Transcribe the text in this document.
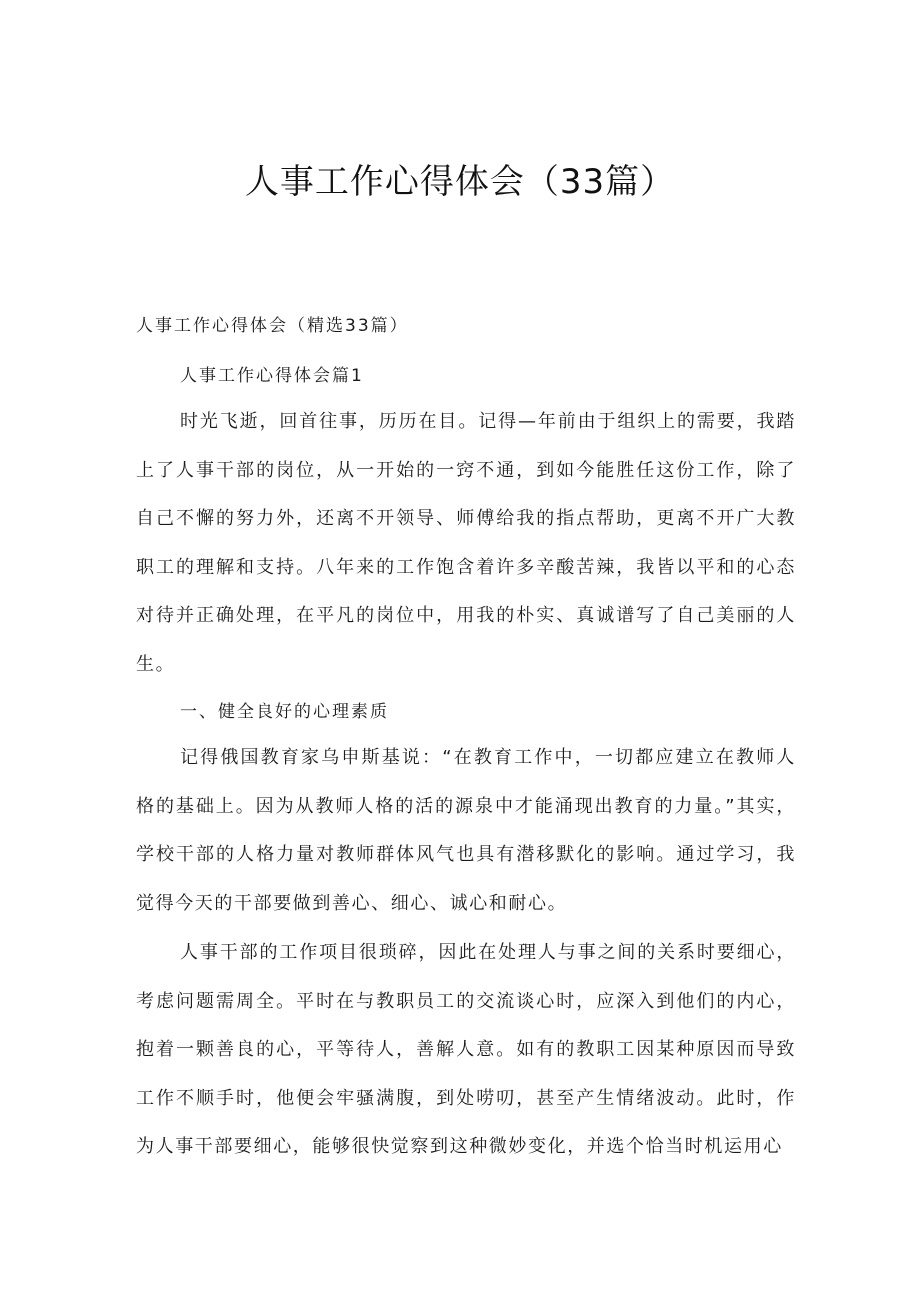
人事工作心得体会（33篇）
人事工作心得体会（精选33篇）
人事工作心得体会篇1
时光飞逝，回首往事，历历在目。记得—年前由于组织上的需要，我踏上了人事干部的岗位，从一开始的一窍不通，到如今能胜任这份工作，除了自己不懈的努力外，还离不开领导、师傅给我的指点帮助，更离不开广大教职工的理解和支持。八年来的工作饱含着许多辛酸苦辣，我皆以平和的心态对待并正确处理，在平凡的岗位中，用我的朴实、真诚谱写了自己美丽的人生。
一、健全良好的心理素质
记得俄国教育家乌申斯基说：“在教育工作中，一切都应建立在教师人格的基础上。因为从教师人格的活的源泉中才能涌现出教育的力量。”其实，学校干部的人格力量对教师群体风气也具有潜移默化的影响。通过学习，我觉得今天的干部要做到善心、细心、诚心和耐心。
人事干部的工作项目很琐碎，因此在处理人与事之间的关系时要细心，考虑问题需周全。平时在与教职员工的交流谈心时，应深入到他们的内心，抱着一颗善良的心，平等待人，善解人意。如有的教职工因某种原因而导致工作不顺手时，他便会牢骚满腹，到处唠叨，甚至产生情绪波动。此时，作为人事干部要细心，能够很快觉察到这种微妙变化，并选个恰当时机运用心
